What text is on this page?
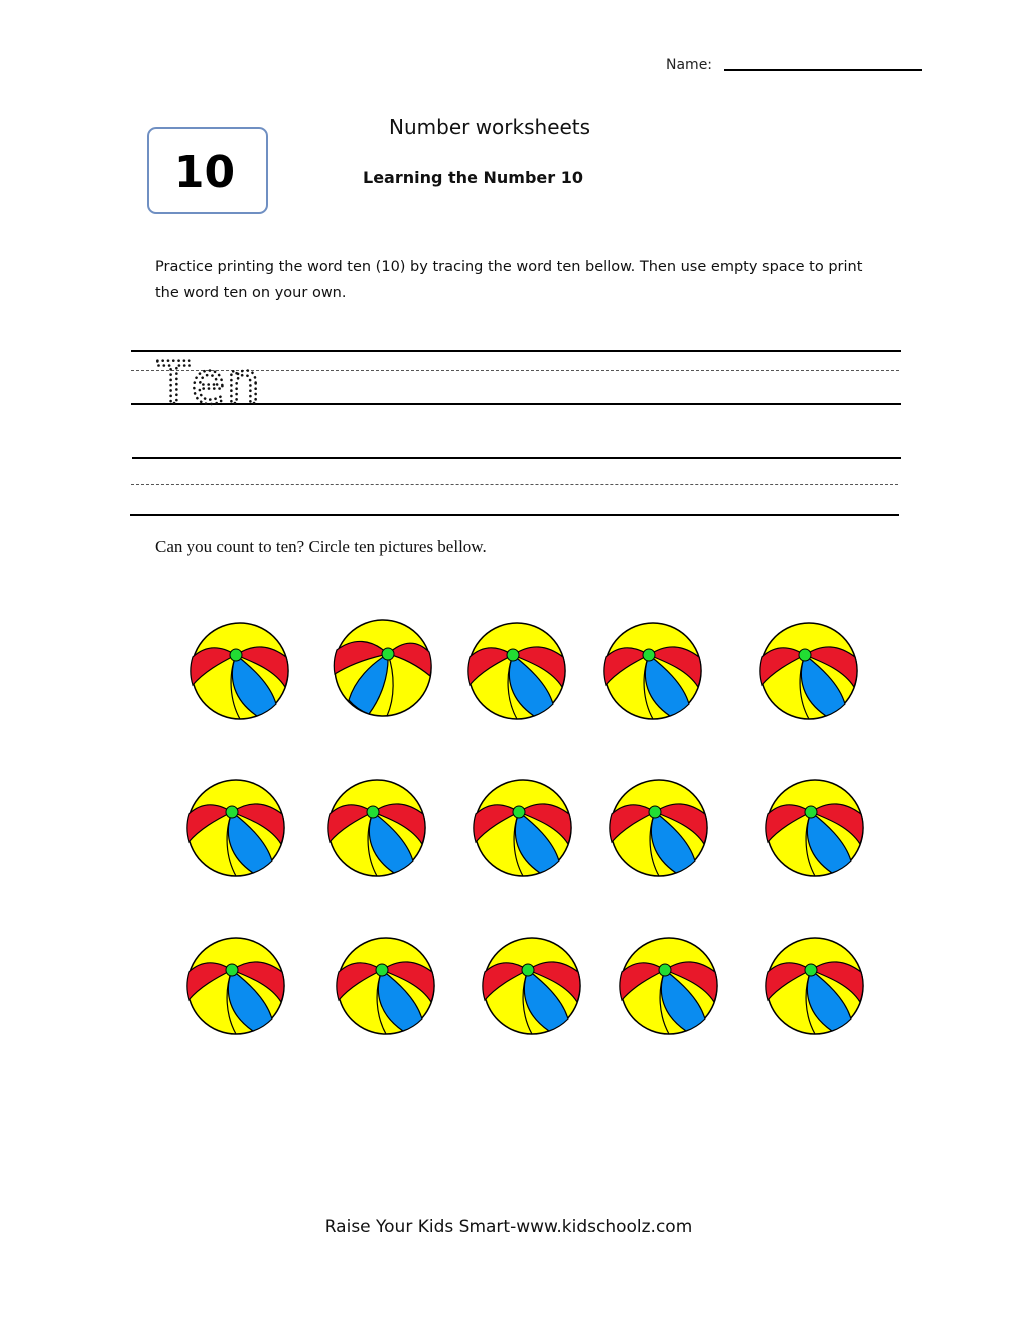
Name:
10
Number worksheets
Learning the Number 10
Practice printing the word ten (10) by tracing the word ten bellow. Then use empty space to print the word ten on your own.
Ten
Can you count to ten? Circle ten pictures bellow.
Raise Your Kids Smart-www.kidschoolz.com
